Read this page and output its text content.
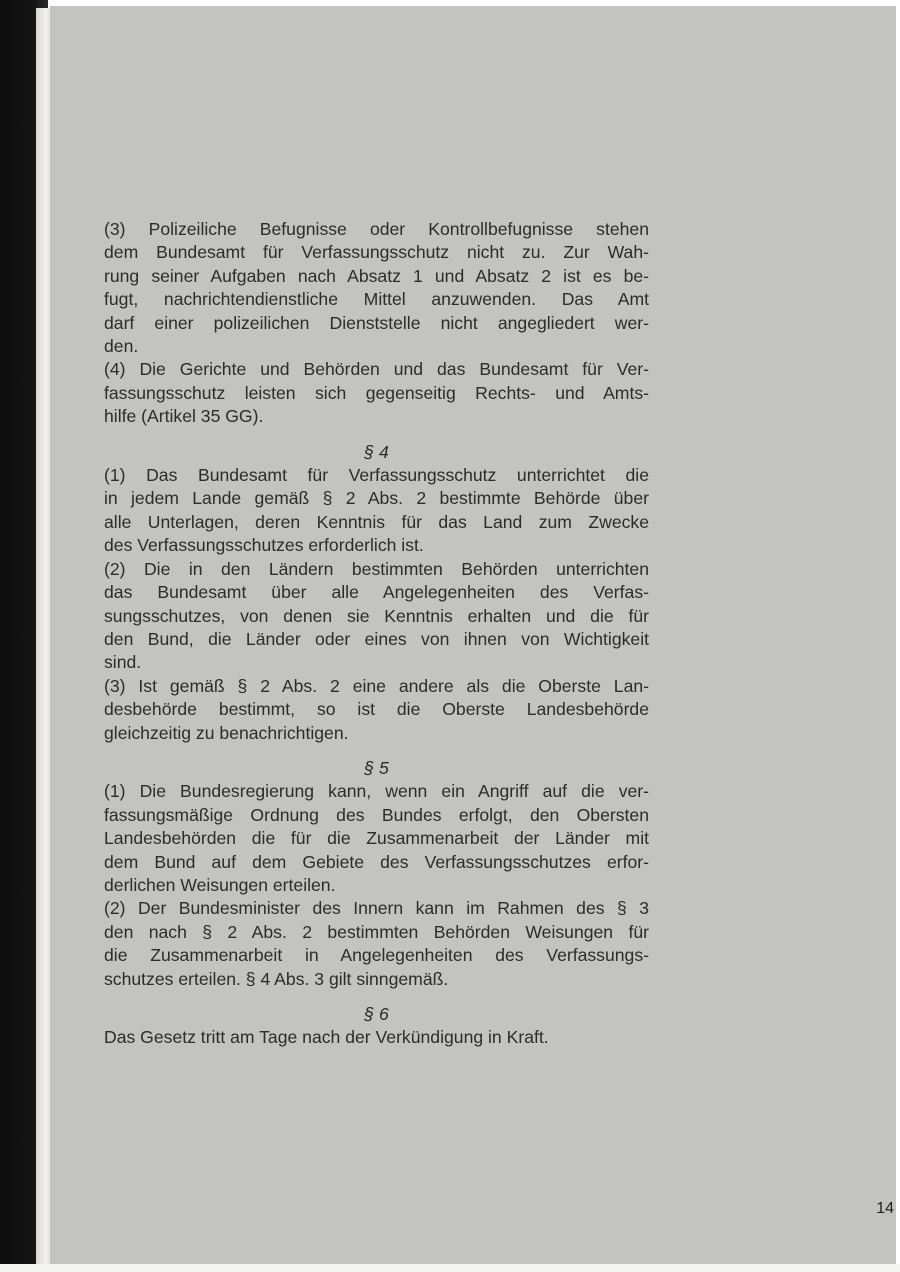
(3) Polizeiliche Befugnisse oder Kontrollbefugnisse stehen
dem Bundesamt für Verfassungsschutz nicht zu. Zur Wah-
rung seiner Aufgaben nach Absatz 1 und Absatz 2 ist es be-
fugt, nachrichtendienstliche Mittel anzuwenden. Das Amt
darf einer polizeilichen Dienststelle nicht angegliedert wer-
den.
(4) Die Gerichte und Behörden und das Bundesamt für Ver-
fassungsschutz leisten sich gegenseitig Rechts- und Amts-
hilfe (Artikel 35 GG).
§ 4
(1) Das Bundesamt für Verfassungsschutz unterrichtet die
in jedem Lande gemäß § 2 Abs. 2 bestimmte Behörde über
alle Unterlagen, deren Kenntnis für das Land zum Zwecke
des Verfassungsschutzes erforderlich ist.
(2) Die in den Ländern bestimmten Behörden unterrichten
das Bundesamt über alle Angelegenheiten des Verfas-
sungsschutzes, von denen sie Kenntnis erhalten und die für
den Bund, die Länder oder eines von ihnen von Wichtigkeit
sind.
(3) Ist gemäß § 2 Abs. 2 eine andere als die Oberste Lan-
desbehörde bestimmt, so ist die Oberste Landesbehörde
gleichzeitig zu benachrichtigen.
§ 5
(1) Die Bundesregierung kann, wenn ein Angriff auf die ver-
fassungsmäßige Ordnung des Bundes erfolgt, den Obersten
Landesbehörden die für die Zusammenarbeit der Länder mit
dem Bund auf dem Gebiete des Verfassungsschutzes erfor-
derlichen Weisungen erteilen.
(2) Der Bundesminister des Innern kann im Rahmen des § 3
den nach § 2 Abs. 2 bestimmten Behörden Weisungen für
die Zusammenarbeit in Angelegenheiten des Verfassungs-
schutzes erteilen. § 4 Abs. 3 gilt sinngemäß.
§ 6
Das Gesetz tritt am Tage nach der Verkündigung in Kraft.
14
